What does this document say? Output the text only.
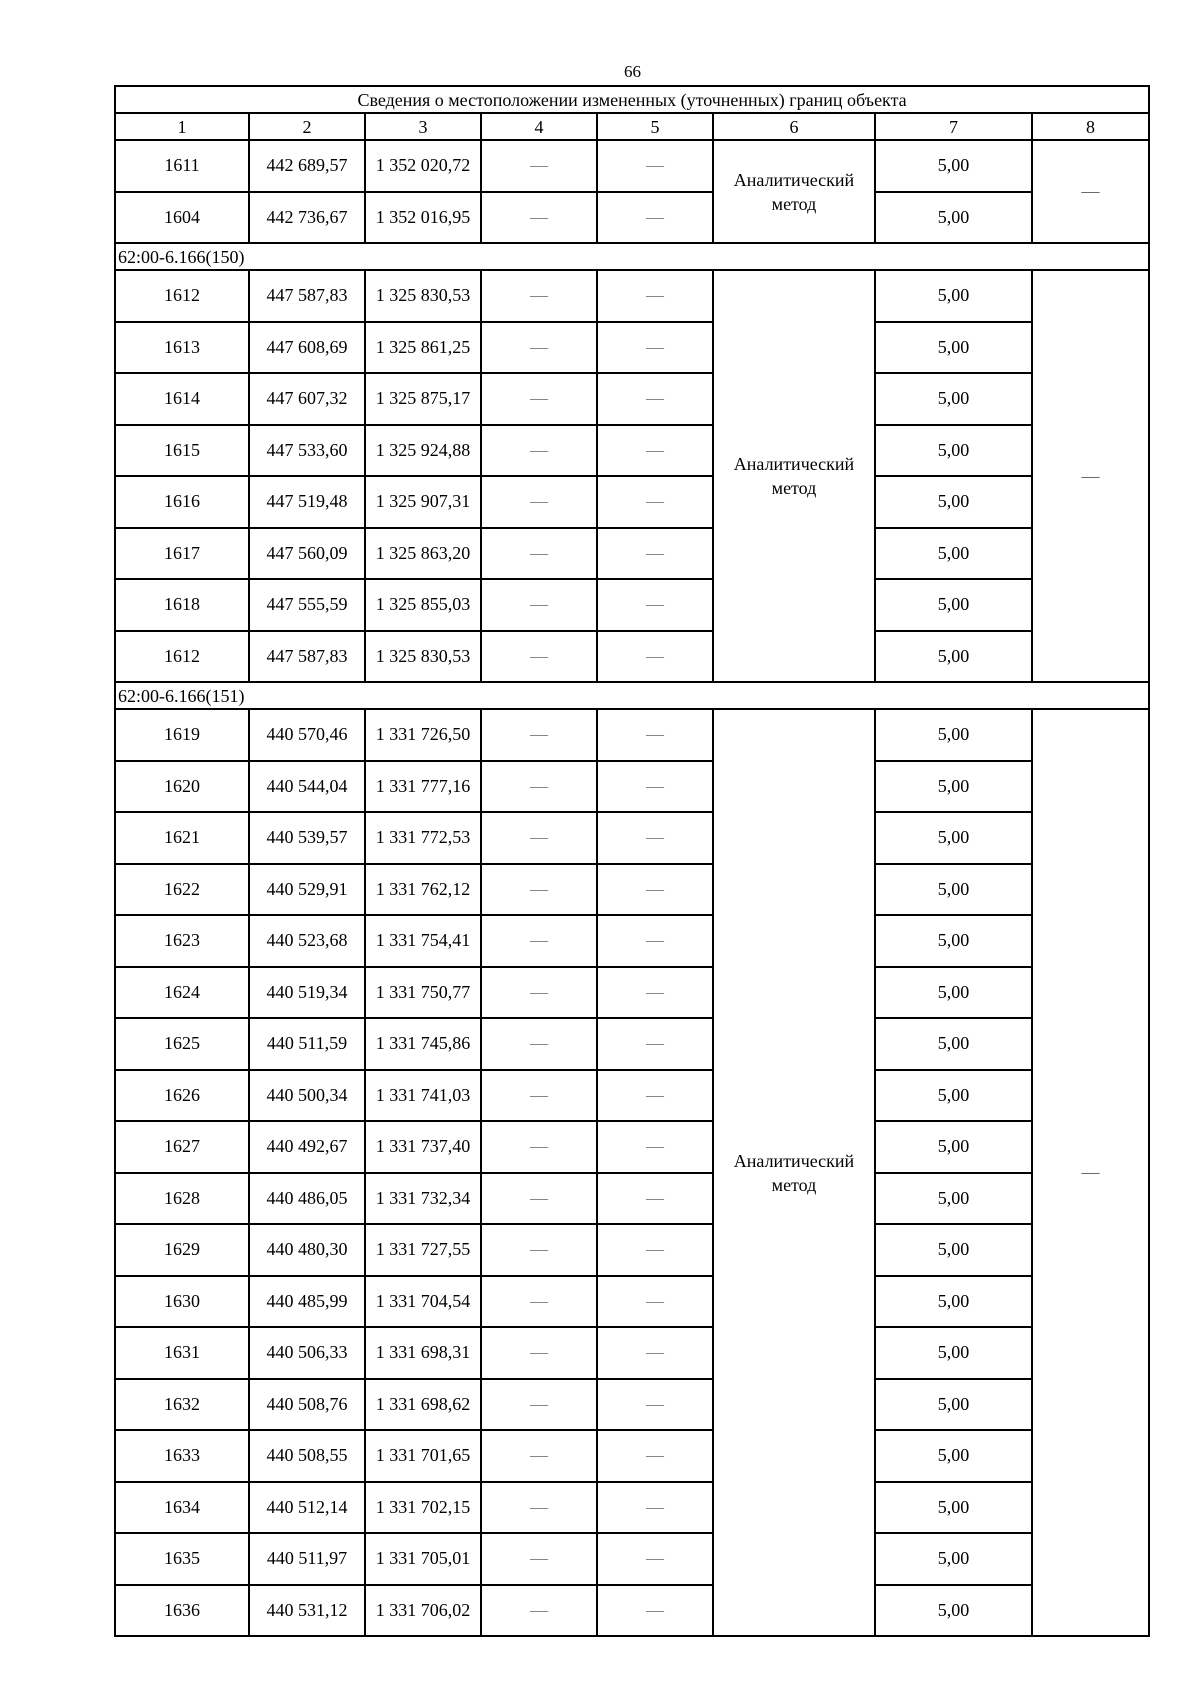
66
Сведения о местоположении измененных (уточненных) границ объекта							
1	2	3	4	5	6	7	8
1611	442 689,57	1 352 020,72	—	—	Аналитический метод	5,00	—
1604	442 736,67	1 352 016,95	—	—		5,00	
62:00-6.166(150)							
1612	447 587,83	1 325 830,53	—	—	Аналитический метод	5,00	—
1613	447 608,69	1 325 861,25	—	—		5,00	
1614	447 607,32	1 325 875,17	—	—		5,00	
1615	447 533,60	1 325 924,88	—	—		5,00	
1616	447 519,48	1 325 907,31	—	—		5,00	
1617	447 560,09	1 325 863,20	—	—		5,00	
1618	447 555,59	1 325 855,03	—	—		5,00	
1612	447 587,83	1 325 830,53	—	—		5,00	
62:00-6.166(151)							
1619	440 570,46	1 331 726,50	—	—	Аналитический метод	5,00	—
1620	440 544,04	1 331 777,16	—	—		5,00	
1621	440 539,57	1 331 772,53	—	—		5,00	
1622	440 529,91	1 331 762,12	—	—		5,00	
1623	440 523,68	1 331 754,41	—	—		5,00	
1624	440 519,34	1 331 750,77	—	—		5,00	
1625	440 511,59	1 331 745,86	—	—		5,00	
1626	440 500,34	1 331 741,03	—	—		5,00	
1627	440 492,67	1 331 737,40	—	—		5,00	
1628	440 486,05	1 331 732,34	—	—		5,00	
1629	440 480,30	1 331 727,55	—	—		5,00	
1630	440 485,99	1 331 704,54	—	—		5,00	
1631	440 506,33	1 331 698,31	—	—		5,00	
1632	440 508,76	1 331 698,62	—	—		5,00	
1633	440 508,55	1 331 701,65	—	—		5,00	
1634	440 512,14	1 331 702,15	—	—		5,00	
1635	440 511,97	1 331 705,01	—	—		5,00	
1636	440 531,12	1 331 706,02	—	—		5,00	
